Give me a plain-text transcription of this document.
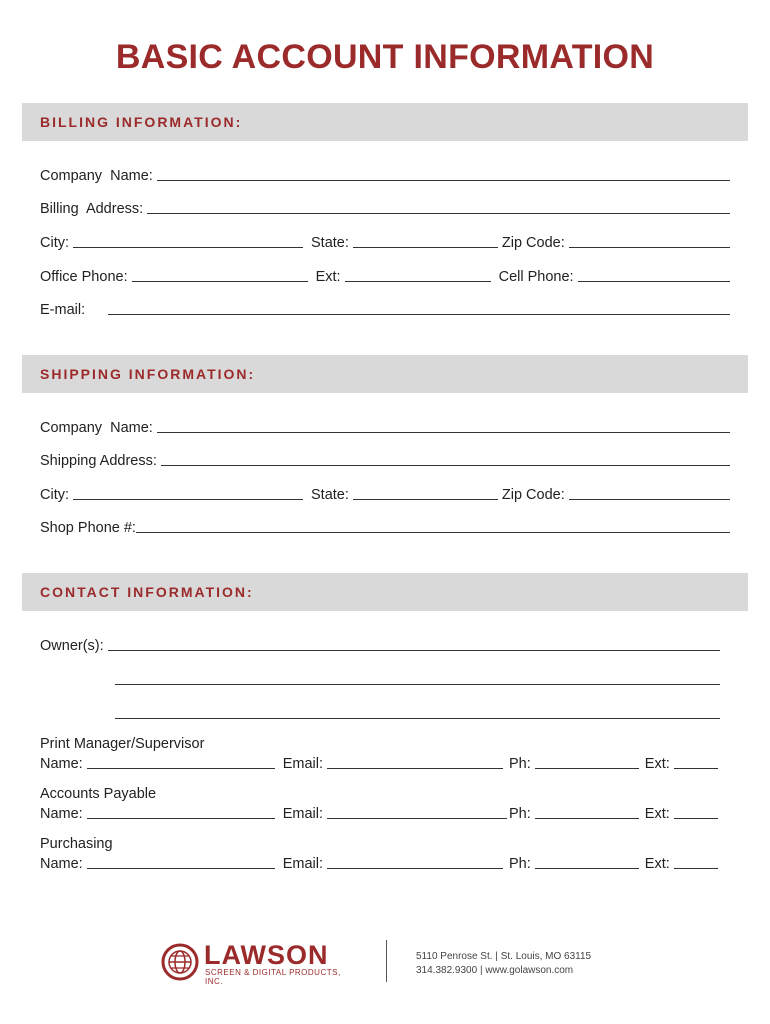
BASIC ACCOUNT INFORMATION
BILLING INFORMATION:
Company  Name:
Billing  Address:
City:	State:	Zip Code:
Office Phone:	Ext:	Cell Phone:
E-mail:
SHIPPING INFORMATION:
Company  Name:
Shipping Address:
City:	State:	Zip Code:
Shop Phone #:
CONTACT INFORMATION:
Owner(s):
Print Manager/Supervisor
Name:	Email:	Ph:	Ext:
Accounts Payable
Name:	Email:	Ph:	Ext:
Purchasing
Name:	Email:	Ph:	Ext:
LAWSON
SCREEN & DIGITAL PRODUCTS, INC.
5110 Penrose St. | St. Louis, MO 63115
314.382.9300 | www.golawson.com
